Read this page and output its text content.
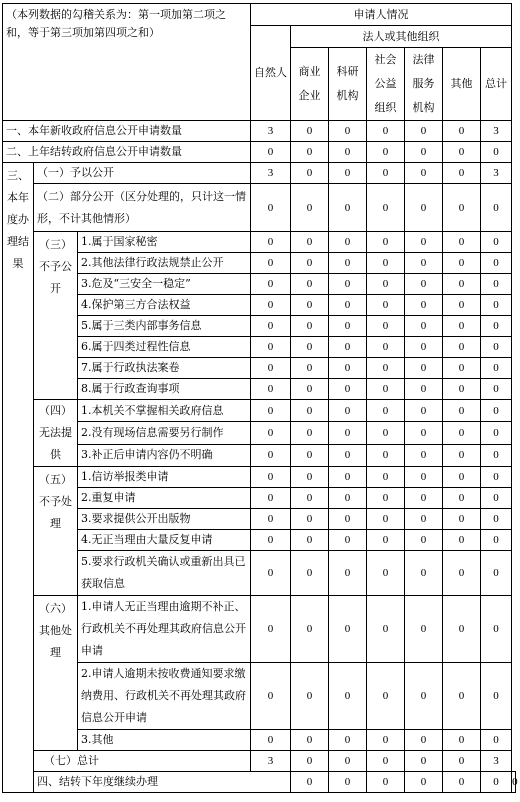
（本列数据的勾稽关系为：第一项加第二项之和，等于第三项加第四项之和）			申请人情况							
			自然人	法人或其他组织						
				商业企业	科研机构	社会公益组织	法律服务机构	其他	总计	
一、本年新收政府信息公开申请数量			3	0	0	0	0	0	3	
二、上年结转政府信息公开申请数量			0	0	0	0	0	0	0	
三、本年度办理结果	（一）予以公开		3	0	0	0	0	0	3	
	（二）部分公开（区分处理的，只计这一情形，不计其他情形）		0	0	0	0	0	0	0	
	（三）不予公开	1.属于国家秘密	0	0	0	0	0	0	0	
		2.其他法律行政法规禁止公开	0	0	0	0	0	0	0	
		3.危及“三安全一稳定”	0	0	0	0	0	0	0	
		4.保护第三方合法权益	0	0	0	0	0	0	0	
		5.属于三类内部事务信息	0	0	0	0	0	0	0	
		6.属于四类过程性信息	0	0	0	0	0	0	0	
		7.属于行政执法案卷	0	0	0	0	0	0	0	
		8.属于行政查询事项	0	0	0	0	0	0	0	
	（四）无法提供	1.本机关不掌握相关政府信息	0	0	0	0	0	0	0	
		2.没有现场信息需要另行制作	0	0	0	0	0	0	0	
		3.补正后申请内容仍不明确	0	0	0	0	0	0	0	
	（五）不予处理	1.信访举报类申请	0	0	0	0	0	0	0	
		2.重复申请	0	0	0	0	0	0	0	
		3.要求提供公开出版物	0	0	0	0	0	0	0	
		4.无正当理由大量反复申请	0	0	0	0	0	0	0	
		5.要求行政机关确认或重新出具已获取信息	0	0	0	0	0	0	0	
	（六）其他处理	1.申请人无正当理由逾期不补正、行政机关不再处理其政府信息公开申请	0	0	0	0	0	0	0	
		2.申请人逾期未按收费通知要求缴纳费用、行政机关不再处理其政府信息公开申请	0	0	0	0	0	0	0	
		3.其他	0	0	0	0	0	0	0	
	（七）总计		3	0	0	0	0	0	3	
	四、结转下年度继续办理			0	0	0	0	0	0	0
